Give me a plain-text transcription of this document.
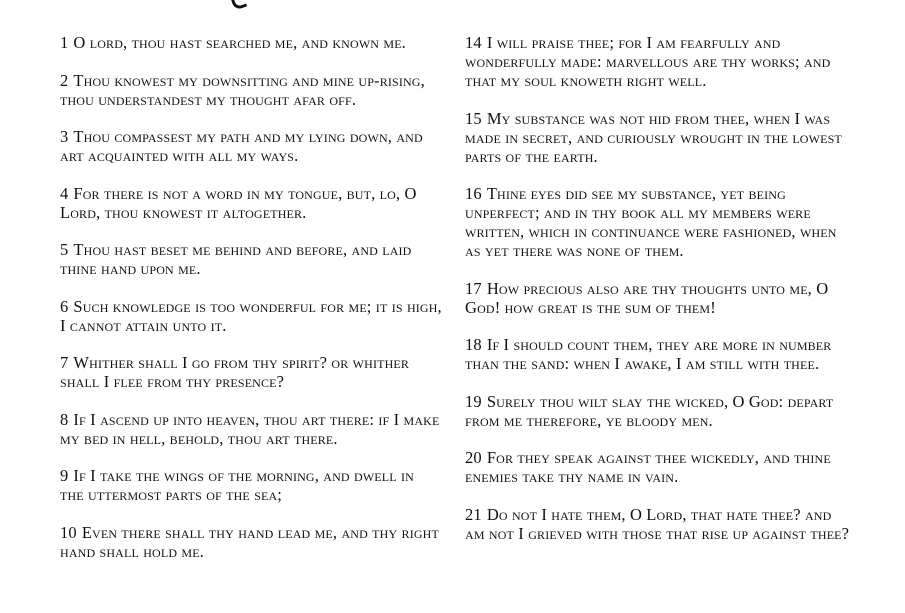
1 O lord, thou hast searched me, and known me.

2 Thou knowest my downsitting and mine up-rising, thou understandest my thought afar off.

3 Thou compassest my path and my lying down, and art acquainted with all my ways.

4 For there is not a word in my tongue, but, lo, O Lord, thou knowest it altogether.

5 Thou hast beset me behind and before, and laid thine hand upon me.

6 Such knowledge is too wonderful for me; it is high, I cannot attain unto it.

7 Whither shall I go from thy spirit? or whither shall I flee from thy presence?

8 If I ascend up into heaven, thou art there: if I make my bed in hell, behold, thou art there.

9 If I take the wings of the morning, and dwell in the uttermost parts of the sea;

10 Even there shall thy hand lead me, and thy right hand shall hold me.

14 I will praise thee; for I am fearfully and wonderfully made: marvellous are thy works; and that my soul knoweth right well.

15 My substance was not hid from thee, when I was made in secret, and curiously wrought in the lowest parts of the earth.

16 Thine eyes did see my substance, yet being unperfect; and in thy book all my members were written, which in continuance were fashioned, when as yet there was none of them.

17 How precious also are thy thoughts unto me, O God! how great is the sum of them!

18 If I should count them, they are more in number than the sand: when I awake, I am still with thee.

19 Surely thou wilt slay the wicked, O God: depart from me therefore, ye bloody men.

20 For they speak against thee wickedly, and thine enemies take thy name in vain.

21 Do not I hate them, O Lord, that hate thee? and am not I grieved with those that rise up against thee?
